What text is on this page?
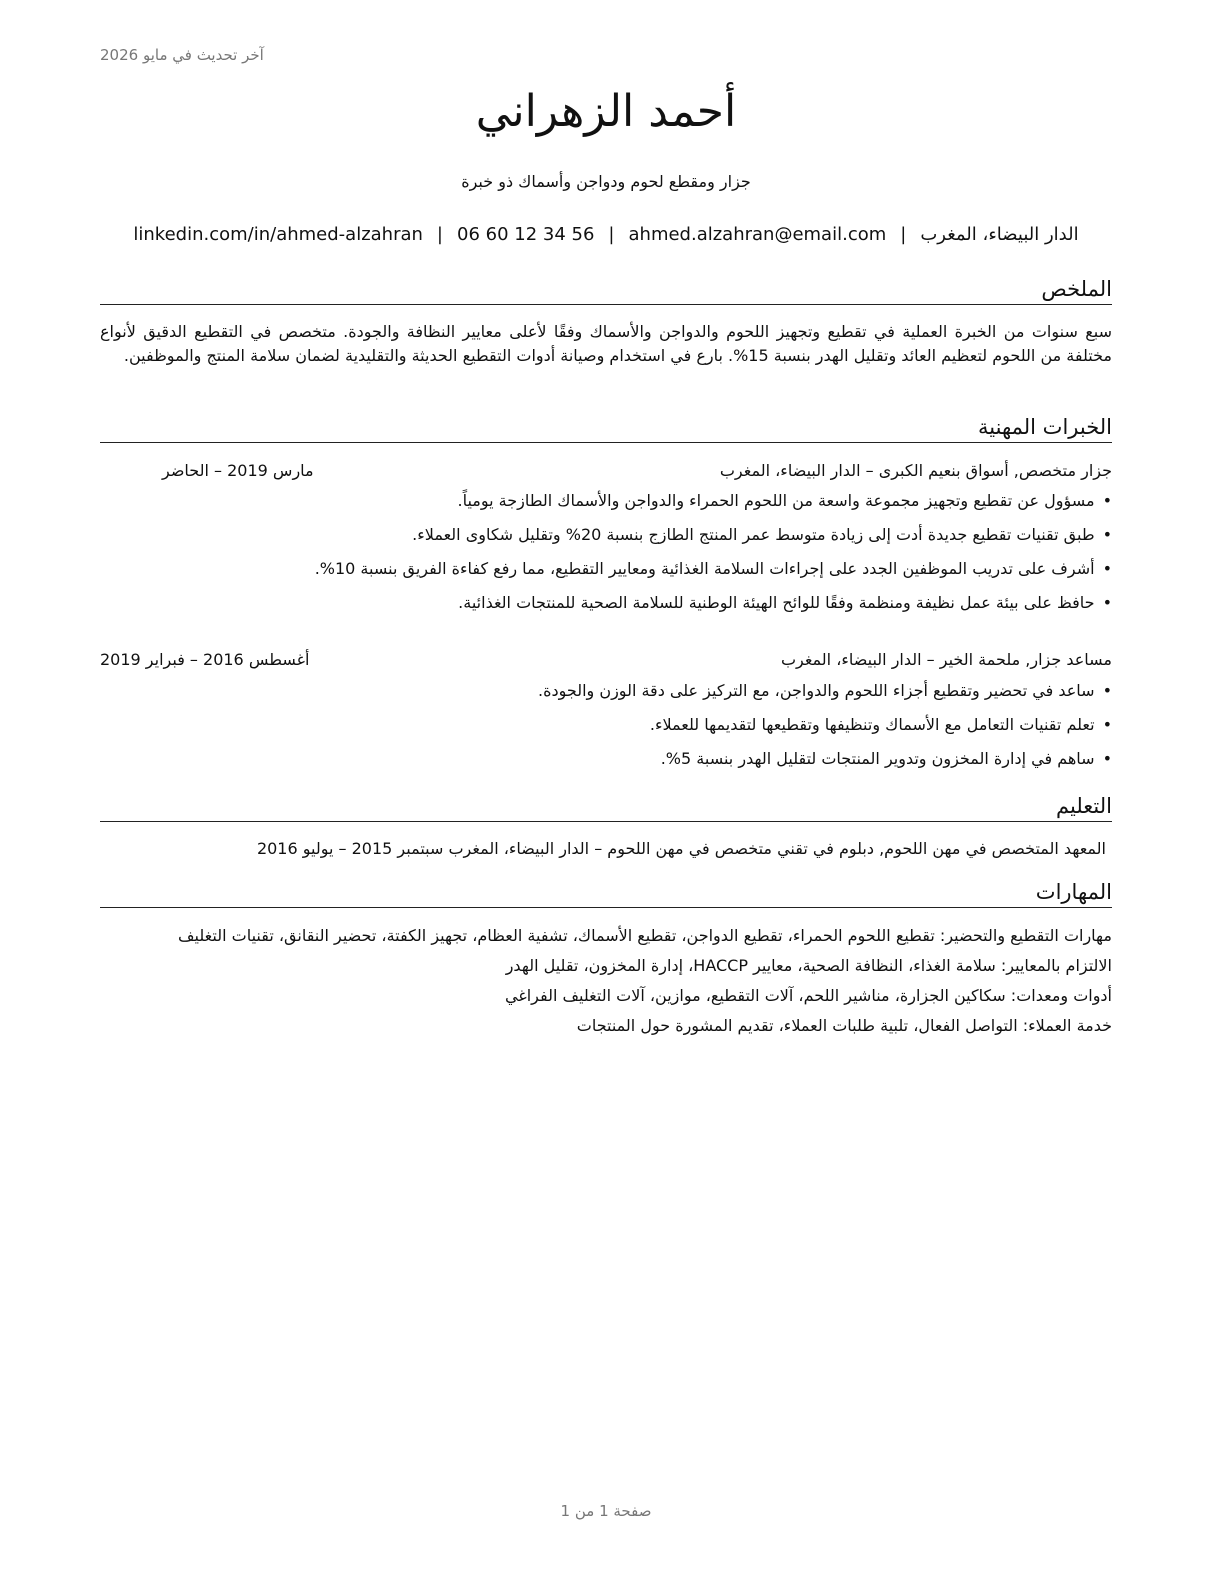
آخر تحديث في مايو 2026
أحمد الزهراني
جزار ومقطع لحوم ودواجن وأسماك ذو خبرة
الدار البيضاء، المغرب|ahmed.alzahran@email.com|06 60 12 34 56|linkedin.com/in/ahmed-alzahran
الملخص
سبع سنوات من الخبرة العملية في تقطيع وتجهيز اللحوم والدواجن والأسماك وفقًا لأعلى معايير النظافة والجودة. متخصص في التقطيع الدقيق لأنواع مختلفة من اللحوم لتعظيم العائد وتقليل الهدر بنسبة 15%. بارع في استخدام وصيانة أدوات التقطيع الحديثة والتقليدية لضمان سلامة المنتج والموظفين.
الخبرات المهنية
جزار متخصص, أسواق بنعيم الكبرى – الدار البيضاء، المغرب
مارس 2019 – الحاضر
• مسؤول عن تقطيع وتجهيز مجموعة واسعة من اللحوم الحمراء والدواجن والأسماك الطازجة يومياً.
• طبق تقنيات تقطيع جديدة أدت إلى زيادة متوسط عمر المنتج الطازج بنسبة 20% وتقليل شكاوى العملاء.
• أشرف على تدريب الموظفين الجدد على إجراءات السلامة الغذائية ومعايير التقطيع، مما رفع كفاءة الفريق بنسبة 10%.
• حافظ على بيئة عمل نظيفة ومنظمة وفقًا للوائح الهيئة الوطنية للسلامة الصحية للمنتجات الغذائية.
مساعد جزار, ملحمة الخير – الدار البيضاء، المغرب
أغسطس 2016 – فبراير 2019
• ساعد في تحضير وتقطيع أجزاء اللحوم والدواجن، مع التركيز على دقة الوزن والجودة.
• تعلم تقنيات التعامل مع الأسماك وتنظيفها وتقطيعها لتقديمها للعملاء.
• ساهم في إدارة المخزون وتدوير المنتجات لتقليل الهدر بنسبة 5%.
التعليم
المعهد المتخصص في مهن اللحوم, دبلوم في تقني متخصص في مهن اللحوم – الدار البيضاء، المغرب سبتمبر 2015 – يوليو 2016
المهارات
مهارات التقطيع والتحضير: تقطيع اللحوم الحمراء، تقطيع الدواجن، تقطيع الأسماك، تشفية العظام، تجهيز الكفتة، تحضير النقانق، تقنيات التغليف
الالتزام بالمعايير: سلامة الغذاء، النظافة الصحية، معايير HACCP، إدارة المخزون، تقليل الهدر
أدوات ومعدات: سكاكين الجزارة، مناشير اللحم، آلات التقطيع، موازين، آلات التغليف الفراغي
خدمة العملاء: التواصل الفعال، تلبية طلبات العملاء، تقديم المشورة حول المنتجات
صفحة 1 من 1
